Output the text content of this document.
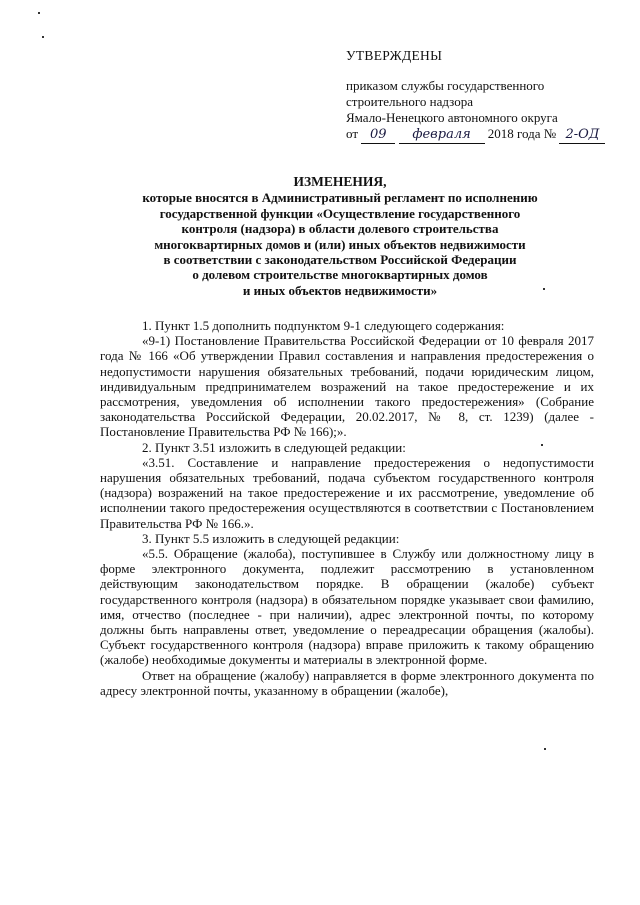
УТВЕРЖДЕНЫ
приказом службы государственного
строительного надзора
Ямало-Ненецкого автономного округа
от 09 февраля 2018 года № 2-ОД
ИЗМЕНЕНИЯ,
которые вносятся в Административный регламент по исполнению
государственной функции «Осуществление государственного
контроля (надзора) в области долевого строительства
многоквартирных домов и (или) иных объектов недвижимости
в соответствии с законодательством Российской Федерации
о долевом строительстве многоквартирных домов
и иных объектов недвижимости»

1. Пункт 1.5 дополнить подпунктом 9-1 следующего содержания:

«9-1) Постановление Правительства Российской Федерации от 10 февраля 2017 года № 166 «Об утверждении Правил составления и направления предостережения о недопустимости нарушения обязательных требований, подачи юридическим лицом, индивидуальным предпринимателем возражений на такое предостережение и их рассмотрения, уведомления об исполнении такого предостережения» (Собрание законодательства Российской Федерации, 20.02.2017, № 8, ст. 1239) (далее - Постановление Правительства РФ № 166);».

2. Пункт 3.51 изложить в следующей редакции:

«3.51. Составление и направление предостережения о недопустимости нарушения обязательных требований, подача субъектом государственного контроля (надзора) возражений на такое предостережение и их рассмотрение, уведомление об исполнении такого предостережения осуществляются в соответствии с Постановлением Правительства РФ № 166.».

3. Пункт 5.5 изложить в следующей редакции:

«5.5. Обращение (жалоба), поступившее в Службу или должностному лицу в форме электронного документа, подлежит рассмотрению в установленном действующим законодательством порядке. В обращении (жалобе) субъект государственного контроля (надзора) в обязательном порядке указывает свои фамилию, имя, отчество (последнее - при наличии), адрес электронной почты, по которому должны быть направлены ответ, уведомление о переадресации обращения (жалобы). Субъект государственного контроля (надзора) вправе приложить к такому обращению (жалобе) необходимые документы и материалы в электронной форме.

Ответ на обращение (жалобу) направляется в форме электронного документа по адресу электронной почты, указанному в обращении (жалобе),
